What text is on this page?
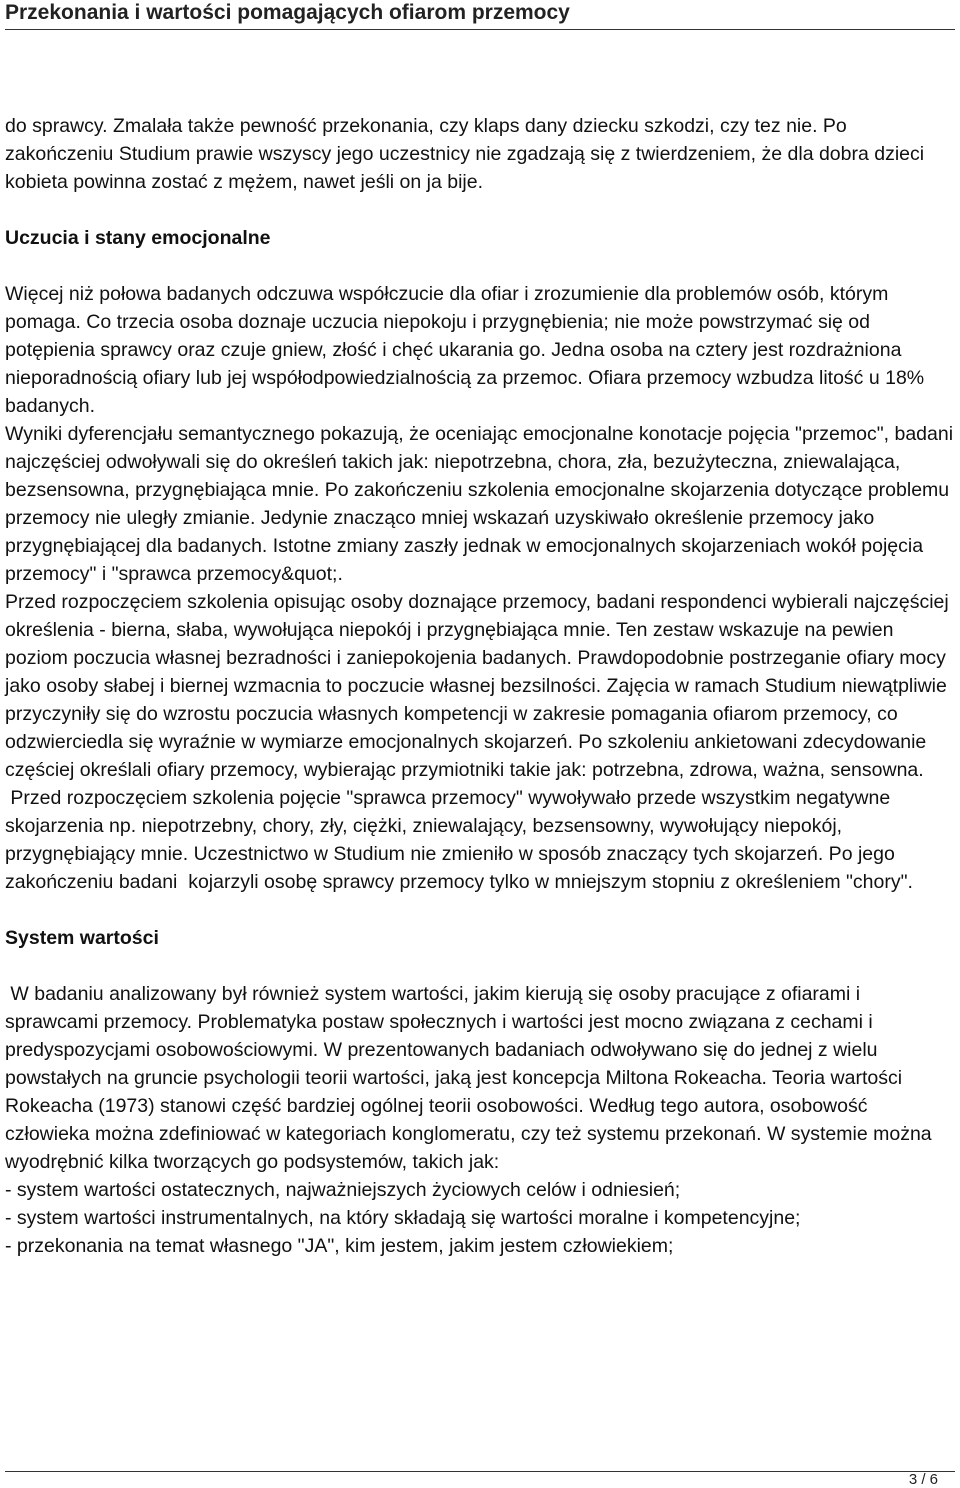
Przekonania i wartości pomagających ofiarom przemocy

do sprawcy. Zmalała także pewność przekonania, czy klaps dany dziecku szkodzi, czy tez nie. Po zakończeniu Studium prawie wszyscy jego uczestnicy nie zgadzają się z twierdzeniem, że dla dobra dzieci kobieta powinna zostać z mężem, nawet jeśli on ja bije.

Uczucia i stany emocjonalne

Więcej niż połowa badanych odczuwa współczucie dla ofiar i zrozumienie dla problemów osób, którym pomaga. Co trzecia osoba doznaje uczucia niepokoju i przygnębienia; nie może powstrzymać się od potępienia sprawcy oraz czuje gniew, złość i chęć ukarania go. Jedna osoba na cztery jest rozdrażniona nieporadnością ofiary lub jej współodpowiedzialnością za przemoc. Ofiara przemocy wzbudza litość u 18% badanych.

Wyniki dyferencjału semantycznego pokazują, że oceniając emocjonalne konotacje pojęcia "przemoc", badani najczęściej odwoływali się do określeń takich jak: niepotrzebna, chora, zła, bezużyteczna, zniewalająca, bezsensowna, przygnębiająca mnie. Po zakończeniu szkolenia emocjonalne skojarzenia dotyczące problemu przemocy nie uległy zmianie. Jedynie znacząco mniej wskazań uzyskiwało określenie przemocy jako przygnębiającej dla badanych. Istotne zmiany zaszły jednak w emocjonalnych skojarzeniach wokół pojęcia przemocy" i "sprawca przemocy&quot;.

Przed rozpoczęciem szkolenia opisując osoby doznające przemocy, badani respondenci wybierali najczęściej określenia - bierna, słaba, wywołująca niepokój i przygnębiająca mnie. Ten zestaw wskazuje na pewien poziom poczucia własnej bezradności i zaniepokojenia badanych. Prawdopodobnie postrzeganie ofiary mocy jako osoby słabej i biernej wzmacnia to poczucie własnej bezsilności. Zajęcia w ramach Studium niewątpliwie przyczyniły się do wzrostu poczucia własnych kompetencji w zakresie pomagania ofiarom przemocy, co odzwierciedla się wyraźnie w wymiarze emocjonalnych skojarzeń. Po szkoleniu ankietowani zdecydowanie częściej określali ofiary przemocy, wybierając przymiotniki takie jak: potrzebna, zdrowa, ważna, sensowna.

Przed rozpoczęciem szkolenia pojęcie "sprawca przemocy" wywoływało przede wszystkim negatywne skojarzenia np. niepotrzebny, chory, zły, ciężki, zniewalający, bezsensowny, wywołujący niepokój, przygnębiający mnie. Uczestnictwo w Studium nie zmieniło w sposób znaczący tych skojarzeń. Po jego zakończeniu badani  kojarzyli osobę sprawcy przemocy tylko w mniejszym stopniu z określeniem "chory".

System wartości

W badaniu analizowany był również system wartości, jakim kierują się osoby pracujące z ofiarami i sprawcami przemocy. Problematyka postaw społecznych i wartości jest mocno związana z cechami i predyspozycjami osobowościowymi. W prezentowanych badaniach odwoływano się do jednej z wielu powstałych na gruncie psychologii teorii wartości, jaką jest koncepcja Miltona Rokeacha. Teoria wartości Rokeacha (1973) stanowi część bardziej ogólnej teorii osobowości. Według tego autora, osobowość człowieka można zdefiniować w kategoriach konglomeratu, czy też systemu przekonań. W systemie można wyodrębnić kilka tworzących go podsystemów, takich jak:

- system wartości ostatecznych, najważniejszych życiowych celów i odniesień;

- system wartości instrumentalnych, na który składają się wartości moralne i kompetencyjne;

- przekonania na temat własnego "JA", kim jestem, jakim jestem człowiekiem;

3 / 6
